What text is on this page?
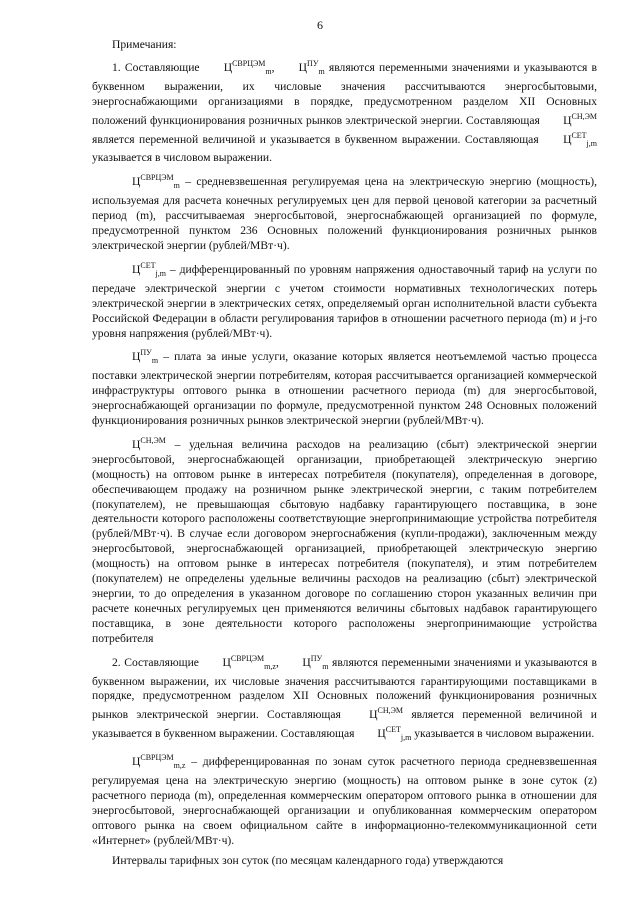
6

Примечания:

1. Составляющие $Ц^{СВРЦЭМ}_m$, $Ц^{ПУ}_m$ являются переменными значениями и указываются в буквенном выражении, их числовые значения рассчитываются энергосбытовыми, энергоснабжающими организациями в порядке, предусмотренном разделом XII Основных положений функционирования розничных рынков электрической энергии. Составляющая $Ц^{СН,ЭМ}$ является переменной величиной и указывается в буквенном выражении. Составляющая $Ц^{СЕТ}_{j,m}$ указывается в числовом выражении.

$Ц^{СВРЦЭМ}_m$ – средневзвешенная регулируемая цена на электрическую энергию (мощность), используемая для расчета конечных регулируемых цен для первой ценовой категории за расчетный период (m), рассчитываемая энергосбытовой, энергоснабжающей организацией по формуле, предусмотренной пунктом 236 Основных положений функционирования розничных рынков электрической энергии (рублей/МВт·ч).

$Ц^{СЕТ}_{j,m}$ – дифференцированный по уровням напряжения одноставочный тариф на услуги по передаче электрической энергии с учетом стоимости нормативных технологических потерь электрической энергии в электрических сетях, определяемый орган исполнительной власти субъекта Российской Федерации в области регулирования тарифов в отношении расчетного периода (m) и j-го уровня напряжения (рублей/МВт·ч).

$Ц^{ПУ}_m$ – плата за иные услуги, оказание которых является неотъемлемой частью процесса поставки электрической энергии потребителям, которая рассчитывается организацией коммерческой инфраструктуры оптового рынка в отношении расчетного периода (m) для энергосбытовой, энергоснабжающей организации по формуле, предусмотренной пунктом 248 Основных положений функционирования розничных рынков электрической энергии (рублей/МВт·ч).

$Ц^{СН,ЭМ}$ – удельная величина расходов на реализацию (сбыт) электрической энергии энергосбытовой, энергоснабжающей организации, приобретающей электрическую энергию (мощность) на оптовом рынке в интересах потребителя (покупателя), определенная в договоре, обеспечивающем продажу на розничном рынке электрической энергии, с таким потребителем (покупателем), не превышающая сбытовую надбавку гарантирующего поставщика, в зоне деятельности которого расположены соответствующие энергопринимающие устройства потребителя (рублей/МВт·ч). В случае если договором энергоснабжения (купли-продажи), заключенным между энергосбытовой, энергоснабжающей организацией, приобретающей электрическую энергию (мощность) на оптовом рынке в интересах потребителя (покупателя), и этим потребителем (покупателем) не определены удельные величины расходов на реализацию (сбыт) электрической энергии, то до определения в указанном договоре по соглашению сторон указанных величин при расчете конечных регулируемых цен применяются величины сбытовых надбавок гарантирующего поставщика, в зоне деятельности которого расположены энергопринимающие устройства потребителя

2. Составляющие $Ц^{СВРЦЭМ}_{m,z}$, $Ц^{ПУ}_m$ являются переменными значениями и указываются в буквенном выражении, их числовые значения рассчитываются гарантирующими поставщиками в порядке, предусмотренном разделом XII Основных положений функционирования розничных рынков электрической энергии. Составляющая $Ц^{СН,ЭМ}$ является переменной величиной и указывается в буквенном выражении. Составляющая $Ц^{СЕТ}_{j,m}$ указывается в числовом выражении.

$Ц^{СВРЦЭМ}_{m,z}$ – дифференцированная по зонам суток расчетного периода средневзвешенная регулируемая цена на электрическую энергию (мощность) на оптовом рынке в зоне суток (z) расчетного периода (m), определенная коммерческим оператором оптового рынка в отношении для энергосбытовой, энергоснабжающей организации и опубликованная коммерческим оператором оптового рынка на своем официальном сайте в информационно-телекоммуникационной сети «Интернет» (рублей/МВт·ч).

Интервалы тарифных зон суток (по месяцам календарного года) утверждаются
